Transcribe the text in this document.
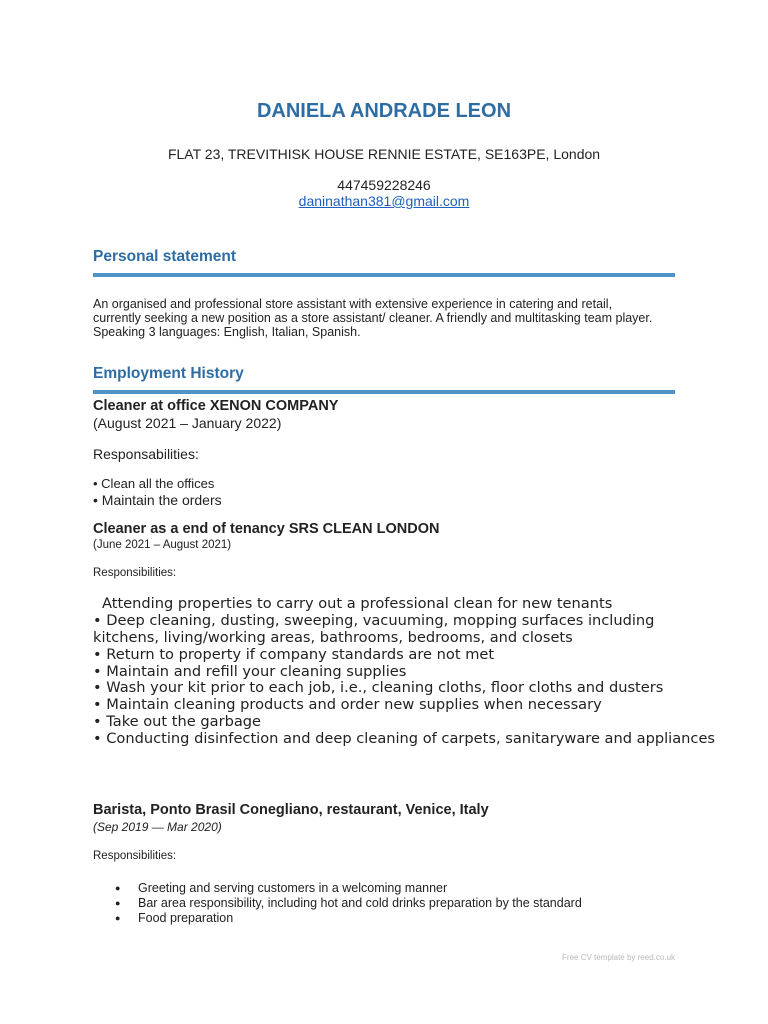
DANIELA ANDRADE LEON
FLAT 23, TREVITHISK HOUSE RENNIE ESTATE, SE163PE, London
447459228246
daninathan381@gmail.com
Personal statement
An organised and professional store assistant with extensive experience in catering and retail,
currently seeking a new position as a store assistant/ cleaner. A friendly and multitasking team player.
Speaking 3 languages: English, Italian, Spanish.
Employment History
Cleaner at office XENON COMPANY
(August 2021 – January 2022)
Responsabilities:
• Clean all the offices
• Maintain the orders
Cleaner as a end of tenancy SRS CLEAN LONDON
(June 2021 – August 2021)
Responsibilities:
Attending properties to carry out a professional clean for new tenants
• Deep cleaning, dusting, sweeping, vacuuming, mopping surfaces including
kitchens, living/working areas, bathrooms, bedrooms, and closets
• Return to property if company standards are not met
• Maintain and refill your cleaning supplies
• Wash your kit prior to each job, i.e., cleaning cloths, floor cloths and dusters
• Maintain cleaning products and order new supplies when necessary
• Take out the garbage
• Conducting disinfection and deep cleaning of carpets, sanitaryware and appliances
Barista, Ponto Brasil Conegliano, restaurant, Venice, Italy
(Sep 2019 — Mar 2020)
Responsibilities:
● Greeting and serving customers in a welcoming manner
● Bar area responsibility, including hot and cold drinks preparation by the standard
● Food preparation
Free CV template by reed.co.uk
